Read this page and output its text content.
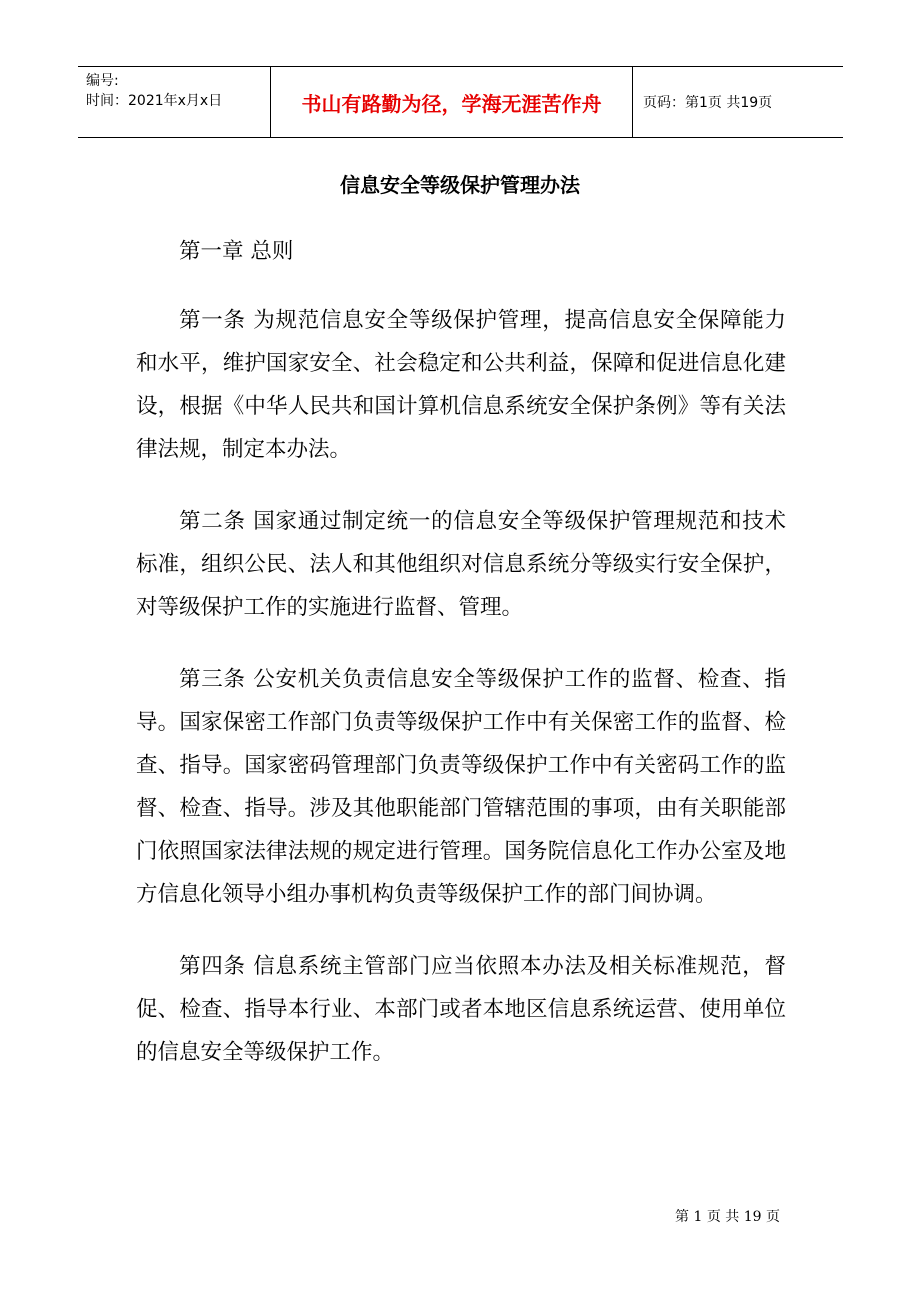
编号:
时间：2021年x月x日	书山有路勤为径，学海无涯苦作舟	页码：第1页 共19页
信息安全等级保护管理办法

第一章 总则

第一条 为规范信息安全等级保护管理，提高信息安全保障能力和水平，维护国家安全、社会稳定和公共利益，保障和促进信息化建设，根据《中华人民共和国计算机信息系统安全保护条例》等有关法律法规，制定本办法。

第二条 国家通过制定统一的信息安全等级保护管理规范和技术标准，组织公民、法人和其他组织对信息系统分等级实行安全保护，对等级保护工作的实施进行监督、管理。

第三条 公安机关负责信息安全等级保护工作的监督、检查、指导。国家保密工作部门负责等级保护工作中有关保密工作的监督、检查、指导。国家密码管理部门负责等级保护工作中有关密码工作的监督、检查、指导。涉及其他职能部门管辖范围的事项，由有关职能部门依照国家法律法规的规定进行管理。国务院信息化工作办公室及地方信息化领导小组办事机构负责等级保护工作的部门间协调。

第四条 信息系统主管部门应当依照本办法及相关标准规范，督促、检查、指导本行业、本部门或者本地区信息系统运营、使用单位的信息安全等级保护工作。

第 1 页 共 19 页
